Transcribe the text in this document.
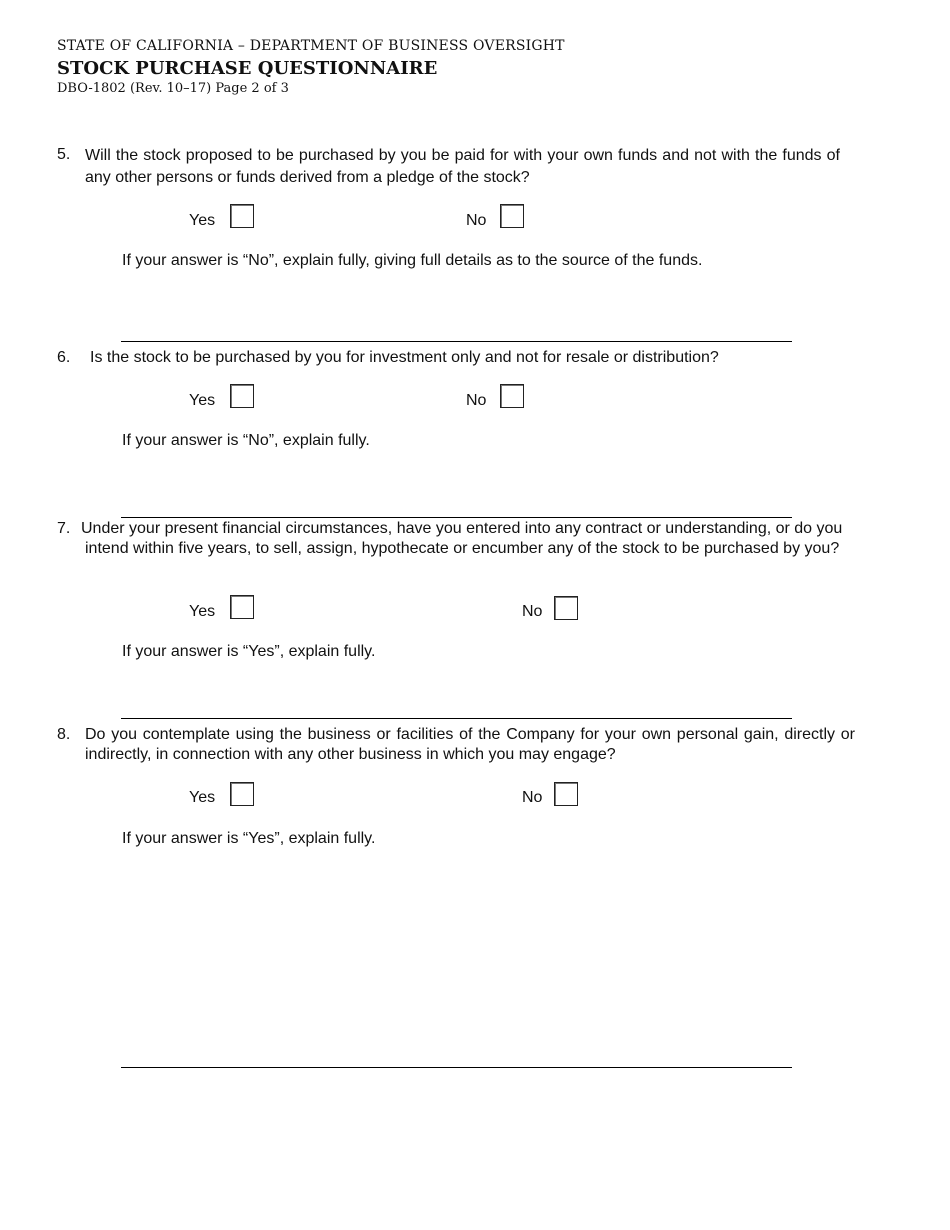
STATE OF CALIFORNIA – DEPARTMENT OF BUSINESS OVERSIGHT
STOCK PURCHASE QUESTIONNAIRE
DBO-1802 (Rev. 10–17) Page 2 of 3
5. Will the stock proposed to be purchased by you be paid for with your own funds and not with the funds of any other persons or funds derived from a pledge of the stock?
Yes	No
If your answer is “No”, explain fully, giving full details as to the source of the funds.
6. Is the stock to be purchased by you for investment only and not for resale or distribution?
Yes	No
If your answer is “No”, explain fully.
7. Under your present financial circumstances, have you entered into any contract or understanding, or do you intend within five years, to sell, assign, hypothecate or encumber any of the stock to be purchased by you?
Yes	No
If your answer is “Yes”, explain fully.
8. Do you contemplate using the business or facilities of the Company for your own personal gain, directly or indirectly, in connection with any other business in which you may engage?
Yes	No
If your answer is “Yes”, explain fully.
